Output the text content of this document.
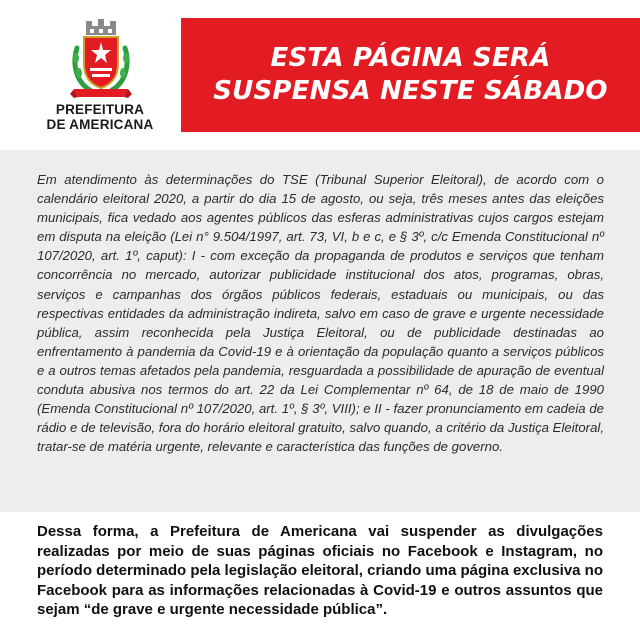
PREFEITURA
DE AMERICANA
ESTA PÁGINA SERÁ
SUSPENSA NESTE SÁBADO

Em atendimento às determinações do TSE (Tribunal Superior Eleitoral), de acordo com o calendário eleitoral 2020, a partir do dia 15 de agosto, ou seja, três meses antes das eleições municipais, fica vedado aos agentes públicos das esferas administrativas cujos cargos estejam em disputa na eleição (Lei n° 9.504/1997, art. 73, VI, b e c, e § 3º, c/c Emenda Constitucional nº 107/2020, art. 1º, caput): I - com exceção da propaganda de produtos e serviços que tenham concorrência no mercado, autorizar publicidade institucional dos atos, programas, obras, serviços e campanhas dos órgãos públicos federais, estaduais ou municipais, ou das respectivas entidades da administração indireta, salvo em caso de grave e urgente necessidade pública, assim reconhecida pela Justiça Eleitoral, ou de publicidade destinadas ao enfrentamento à pandemia da Covid-19 e à orientação da população quanto a serviços públicos e a outros temas afetados pela pandemia, resguardada a possibilidade de apuração de eventual conduta abusiva nos termos do art. 22 da Lei Complementar nº 64, de 18 de maio de 1990 (Emenda Constitucional nº 107/2020, art. 1º, § 3º, VIII); e II - fazer pronunciamento em cadeia de rádio e de televisão, fora do horário eleitoral gratuito, salvo quando, a critério da Justiça Eleitoral, tratar-se de matéria urgente, relevante e característica das funções de governo.

Dessa forma, a Prefeitura de Americana vai suspender as divulgações realizadas por meio de suas páginas oficiais no Facebook e Instagram, no período determinado pela legislação eleitoral, criando uma página exclusiva no Facebook para as informações relacionadas à Covid-19 e outros assuntos que sejam “de grave e urgente necessidade pública”.
